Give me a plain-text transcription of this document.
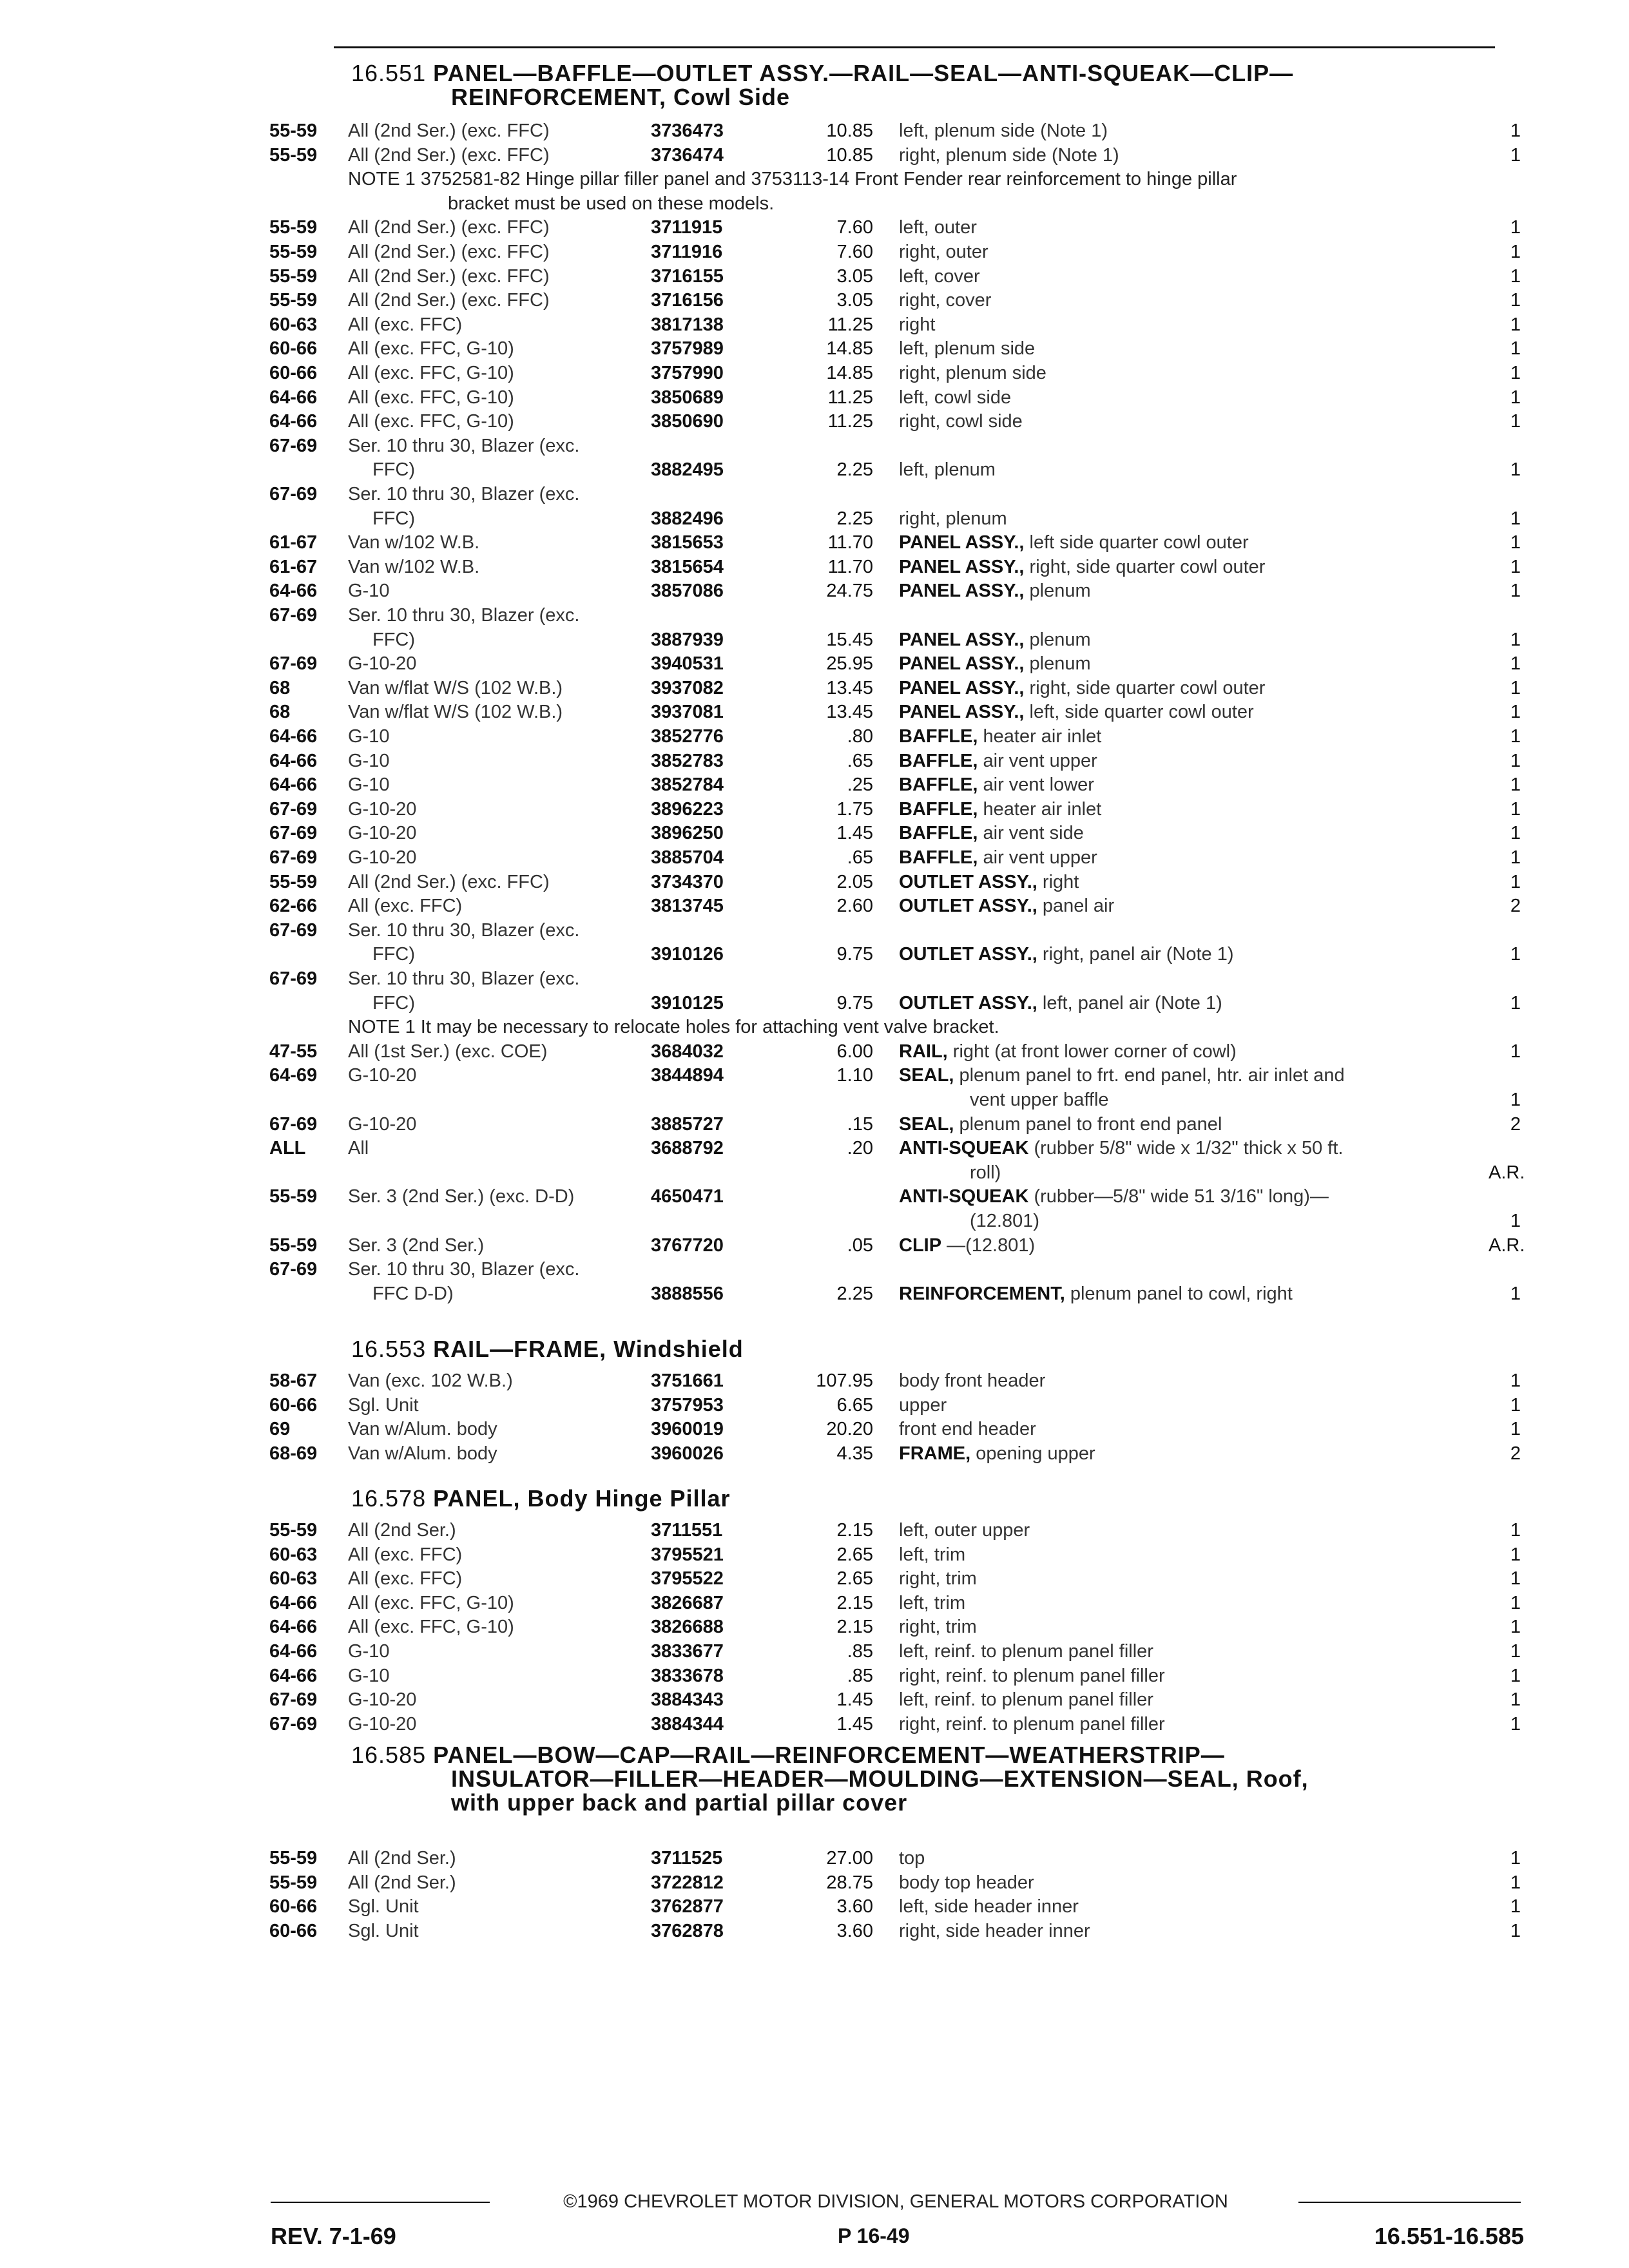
16.551 PANEL—BAFFLE—OUTLET ASSY.—RAIL—SEAL—ANTI-SQUEAK—CLIP—
REINFORCEMENT, Cowl Side
55-59 All (2nd Ser.) (exc. FFC)	3736473	10.85 left, plenum side (Note 1)	1
55-59 All (2nd Ser.) (exc. FFC)	3736474	10.85 right, plenum side (Note 1)	1
NOTE 1 3752581-82 Hinge pillar filler panel and 3753113-14 Front Fender rear reinforcement to hinge pillar
bracket must be used on these models.
55-59 All (2nd Ser.) (exc. FFC)	3711915	7.60 left, outer	1
55-59 All (2nd Ser.) (exc. FFC)	3711916	7.60 right, outer	1
55-59 All (2nd Ser.) (exc. FFC)	3716155	3.05 left, cover	1
55-59 All (2nd Ser.) (exc. FFC)	3716156	3.05 right, cover	1
60-63 All (exc. FFC)	3817138	11.25 right	1
60-66 All (exc. FFC, G-10)	3757989	14.85 left, plenum side	1
60-66 All (exc. FFC, G-10)	3757990	14.85 right, plenum side	1
64-66 All (exc. FFC, G-10)	3850689	11.25 left, cowl side	1
64-66 All (exc. FFC, G-10)	3850690	11.25 right, cowl side	1
67-69 Ser. 10 thru 30, Blazer (exc.
FFC)	3882495	2.25 left, plenum	1
67-69 Ser. 10 thru 30, Blazer (exc.
FFC)	3882496	2.25 right, plenum	1
61-67 Van w/102 W.B.	3815653	11.70 PANEL ASSY., left side quarter cowl outer	1
61-67 Van w/102 W.B.	3815654	11.70 PANEL ASSY., right, side quarter cowl outer	1
64-66 G-10	3857086	24.75 PANEL ASSY., plenum	1
67-69 Ser. 10 thru 30, Blazer (exc.
FFC)	3887939	15.45 PANEL ASSY., plenum	1
67-69 G-10-20	3940531	25.95 PANEL ASSY., plenum	1
68	Van w/flat W/S (102 W.B.)	3937082	13.45 PANEL ASSY., right, side quarter cowl outer	1
68	Van w/flat W/S (102 W.B.)	3937081	13.45 PANEL ASSY., left, side quarter cowl outer	1
64-66 G-10	3852776	.80 BAFFLE, heater air inlet	1
64-66 G-10	3852783	.65 BAFFLE, air vent upper	1
64-66 G-10	3852784	.25 BAFFLE, air vent lower	1
67-69 G-10-20	3896223	1.75 BAFFLE, heater air inlet	1
67-69 G-10-20	3896250	1.45 BAFFLE, air vent side	1
67-69 G-10-20	3885704	.65 BAFFLE, air vent upper	1
55-59 All (2nd Ser.) (exc. FFC)	3734370	2.05 OUTLET ASSY., right	1
62-66 All (exc. FFC)	3813745	2.60 OUTLET ASSY., panel air	2
67-69 Ser. 10 thru 30, Blazer (exc.
FFC)	3910126	9.75 OUTLET ASSY., right, panel air (Note 1)	1
67-69 Ser. 10 thru 30, Blazer (exc.
FFC)	3910125	9.75 OUTLET ASSY., left, panel air (Note 1)	1
NOTE 1 It may be necessary to relocate holes for attaching vent valve bracket.
47-55 All (1st Ser.) (exc. COE)	3684032	6.00 RAIL, right (at front lower corner of cowl)	1
64-69 G-10-20	3844894	1.10 SEAL, plenum panel to frt. end panel, htr. air inlet and
vent upper baffle	1
67-69 G-10-20	3885727	.15 SEAL, plenum panel to front end panel	2
ALL All	3688792	.20 ANTI-SQUEAK (rubber 5/8" wide x 1/32" thick x 50 ft.
roll)	A.R.
55-59 Ser. 3 (2nd Ser.) (exc. D-D)	4650471	ANTI-SQUEAK (rubber—5/8" wide 51 3/16" long)—
(12.801)	1
55-59 Ser. 3 (2nd Ser.)	3767720	.05 CLIP —(12.801)	A.R.
67-69 Ser. 10 thru 30, Blazer (exc.
FFC D-D)	3888556	2.25 REINFORCEMENT, plenum panel to cowl, right	1
16.553 RAIL—FRAME, Windshield
58-67 Van (exc. 102 W.B.)	3751661	107.95 body front header	1
60-66 Sgl. Unit	3757953	6.65 upper	1
69	Van w/Alum. body	3960019	20.20 front end header	1
68-69 Van w/Alum. body	3960026	4.35 FRAME, opening upper	2
16.578 PANEL, Body Hinge Pillar
55-59 All (2nd Ser.)	3711551	2.15 left, outer upper	1
60-63 All (exc. FFC)	3795521	2.65 left, trim	1
60-63 All (exc. FFC)	3795522	2.65 right, trim	1
64-66 All (exc. FFC, G-10)	3826687	2.15 left, trim	1
64-66 All (exc. FFC, G-10)	3826688	2.15 right, trim	1
64-66 G-10	3833677	.85 left, reinf. to plenum panel filler	1
64-66 G-10	3833678	.85 right, reinf. to plenum panel filler	1
67-69 G-10-20	3884343	1.45 left, reinf. to plenum panel filler	1
67-69 G-10-20	3884344	1.45 right, reinf. to plenum panel filler	1
16.585 PANEL—BOW—CAP—RAIL—REINFORCEMENT—WEATHERSTRIP—
INSULATOR—FILLER—HEADER—MOULDING—EXTENSION—SEAL, Roof,
with upper back and partial pillar cover
55-59 All (2nd Ser.)	3711525	27.00 top	1
55-59 All (2nd Ser.)	3722812	28.75 body top header	1
60-66 Sgl. Unit	3762877	3.60 left, side header inner	1
60-66 Sgl. Unit	3762878	3.60 right, side header inner	1
©1969 CHEVROLET MOTOR DIVISION, GENERAL MOTORS CORPORATION
REV. 7-1-69	P 16-49	16.551-16.585
